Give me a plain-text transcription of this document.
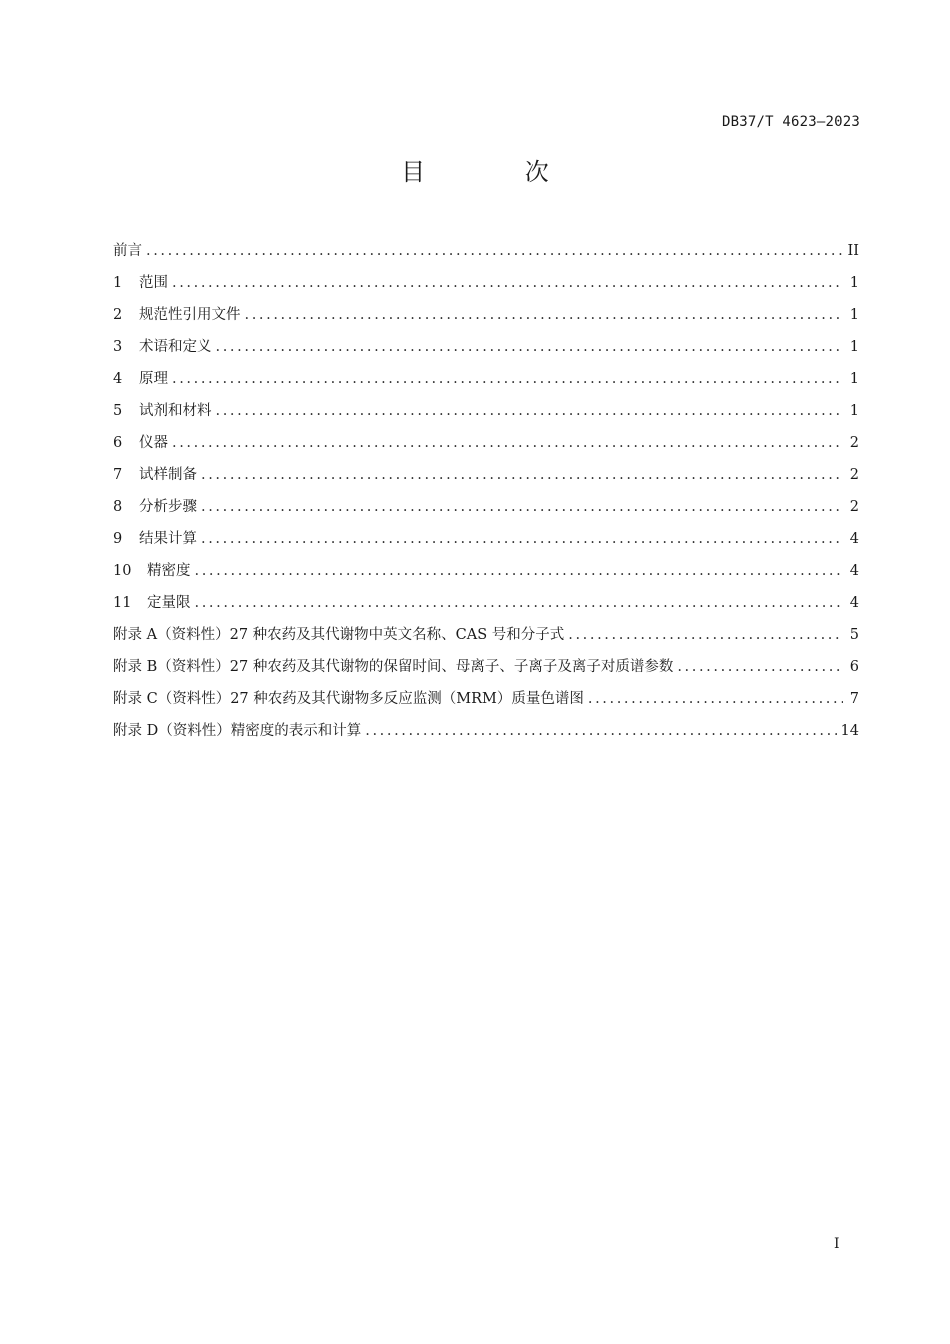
DB37/T 4623—2023
目 次
前言 .....	II
1	范围 .....	1
2	规范性引用文件 .....	1
3	术语和定义 .....	1
4	原理 .....	1
5	试剂和材料 .....	1
6	仪器 .....	2
7	试样制备 .....	2
8	分析步骤 .....	2
9	结果计算 .....	4
10	精密度 .....	4
11	定量限 .....	4
附录 A（资料性） 27 种农药及其代谢物中英文名称、CAS 号和分子式 .....	5
附录 B（资料性） 27 种农药及其代谢物的保留时间、母离子、子离子及离子对质谱参数 .....	6
附录 C（资料性） 27 种农药及其代谢物多反应监测（MRM）质量色谱图 .....	7
附录 D（资料性） 精密度的表示和计算 .....	14
I
